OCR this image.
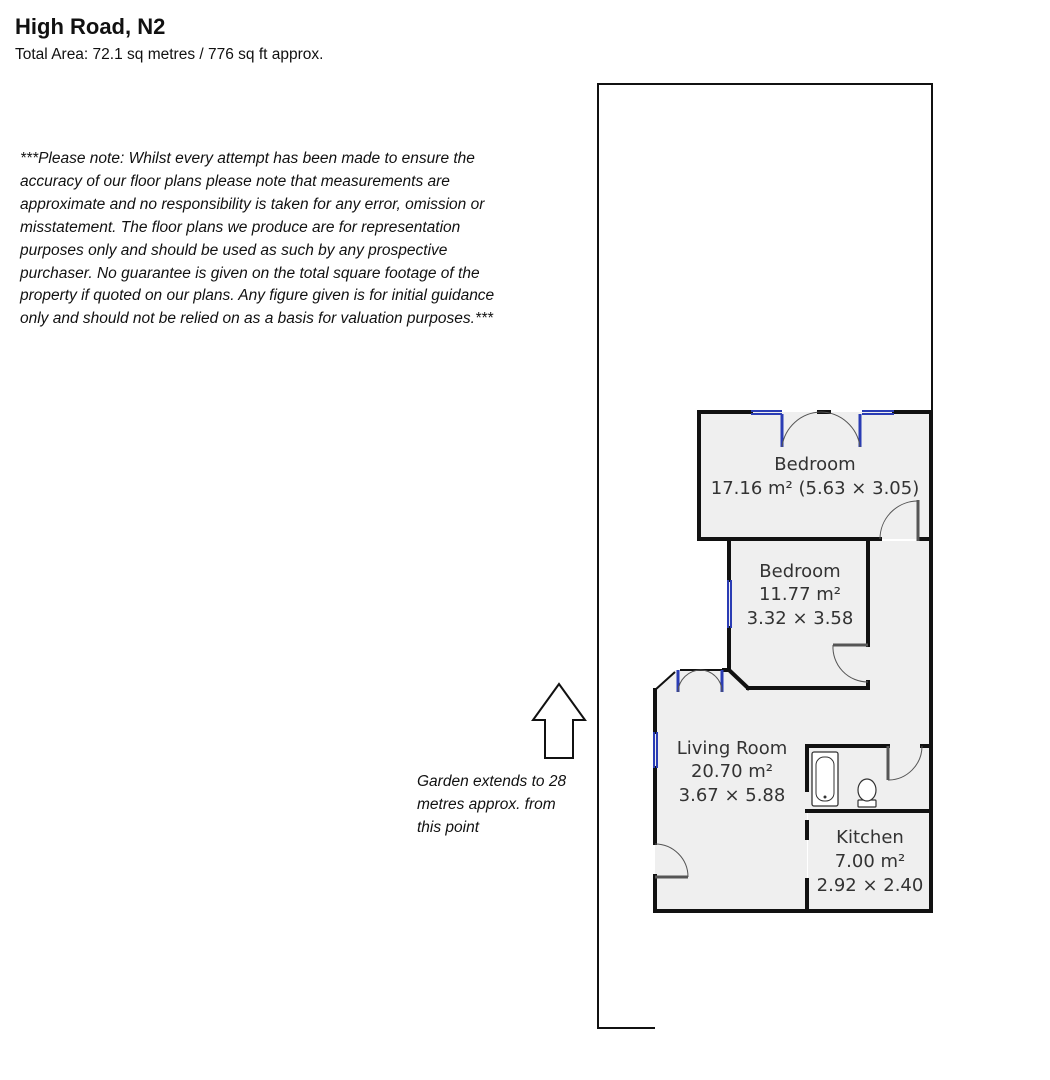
High Road, N2
Total Area: 72.1 sq metres / 776 sq ft approx.
***Please note: Whilst every attempt has been made to ensure the accuracy of our floor plans please note that measurements are approximate and no responsibility is taken for any error, omission or misstatement. The floor plans we produce are for representation purposes only and should be used as such by any prospective purchaser. No guarantee is given on the total square footage of the property if quoted on our plans. Any figure given is for initial guidance only and should not be relied on as a basis for valuation purposes.***
Garden extends to 28 metres approx. from this point
Bedroom
17.16 m² (5.63 × 3.05)
Bedroom
11.77 m²
3.32 × 3.58
Living Room
20.70 m²
3.67 × 5.88
Kitchen
7.00 m²
2.92 × 2.40
